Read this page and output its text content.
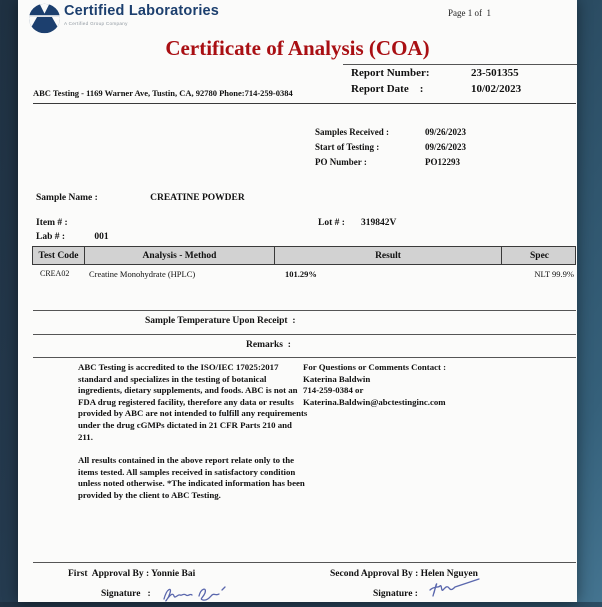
Certified Laboratories
A Certified Group Company
Page 1 of  1
Certificate of Analysis (COA)
Report Number:	23-501355
Report Date    :	10/02/2023
ABC Testing - 1169 Warner Ave, Tustin, CA, 92780 Phone:714-259-0384
Samples Received :	09/26/2023
Start of Testing :	09/26/2023
PO Number :	PO12293
Sample Name :	CREATINE POWDER
Item # :	Lot # : 319842V
Lab # :	001
Test Code	Analysis - Method	Result	Spec
CREA02	Creatine Monohydrate (HPLC)	101.29%	NLT 99.9%
Sample Temperature Upon Receipt  :
Remarks  :

ABC Testing is accredited to the ISO/IEC 17025:2017 standard and specializes in the testing of botanical ingredients, dietary supplements, and foods. ABC is not an FDA drug registered facility, therefore any data or results provided by ABC are not intended to fulfill any requirements under the drug cGMPs dictated in 21 CFR Parts 210 and 211.

All results contained in the above report relate only to the items tested. All samples received in satisfactory condition unless noted otherwise. *The indicated information has been provided by the client to ABC Testing.

For Questions or Comments Contact :
Katerina Baldwin
714-259-0384 or
Katerina.Baldwin@abctestinginc.com
First  Approval By : Yonnie Bai	Second Approval By : Helen Nguyen
Signature   :	Signature :
